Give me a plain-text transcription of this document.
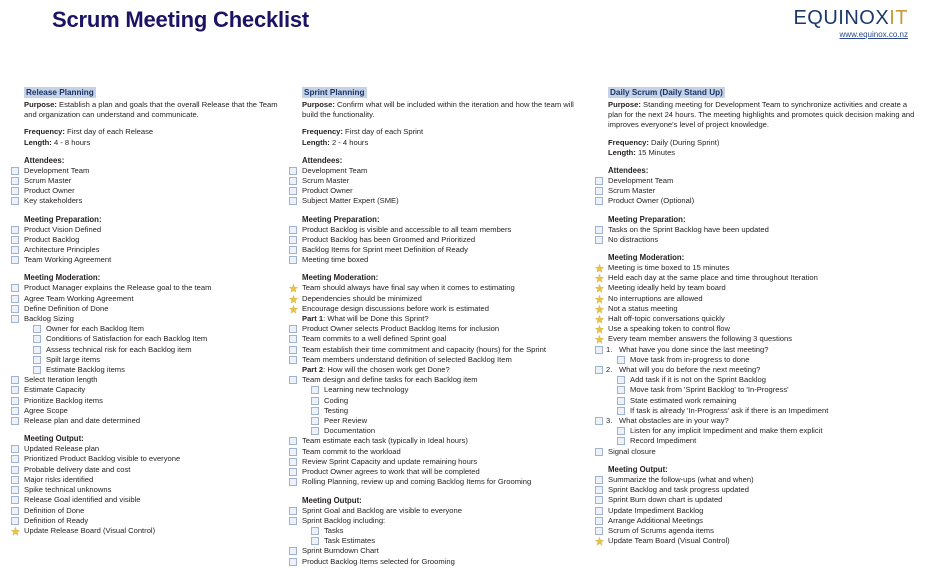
Scrum Meeting Checklist	EQUINOXIT
www.equinox.co.nz
Release Planning
Purpose: Establish a plan and goals that the overall Release that the Team and organization can understand and communicate.
Frequency: First day of each Release
Length: 4 - 8 hours
Attendees:
Development Team
Scrum Master
Product Owner
Key stakeholders
Meeting Preparation:
Product Vision Defined
Product Backlog
Architecture Principles
Team Working Agreement
Meeting Moderation:
Product Manager explains the Release goal to the team
Agree Team Working Agreement
Define Definition of Done
Backlog Sizing
Owner for each Backlog Item
Conditions of Satisfaction for each Backlog Item
Assess technical risk for each Backlog item
Spilt large items
Estimate Backlog items
Select Iteration length
Estimate Capacity
Prioritize Backlog items
Agree Scope
Release plan and date determined
Meeting Output:
Updated Release plan
Prioritized Product Backlog visible to everyone
Probable delivery date and cost
Major risks identified
Spike technical unknowns
Release Goal identified and visible
Definition of Done
Definition of Ready
Update Release Board (Visual Control)
Sprint Planning
Purpose: Confirm what will be included within the iteration and how the team will build the functionality.
Frequency: First day of each Sprint
Length: 2 - 4 hours
Attendees:
Development Team
Scrum Master
Product Owner
Subject Matter Expert (SME)
Meeting Preparation:
Product Backlog is visible and accessible to all team members
Product Backlog has been Groomed and Prioritized
Backlog Items for Sprint meet Definition of Ready
Meeting time boxed
Meeting Moderation:
Team should always have final say when it comes to estimating
Dependencies should be minimized
Encourage design discussions before work is estimated
Part 1: What will be Done this Sprint?
Product Owner selects Product Backlog Items for inclusion
Team commits to a well defined Sprint goal
Team establish their time commitment and capacity (hours) for the Sprint
Team members understand definition of selected Backlog Item
Part 2: How will the chosen work get Done?
Team design and define tasks for each Backlog item
Learning new technology
Coding
Testing
Peer Review
Documentation
Team estimate each task (typically in Ideal hours)
Team commit to the workload
Review Sprint Capacity and update remaining hours
Product Owner agrees to work that will be completed
Rolling Planning, review up and coming Backlog Items for Grooming
Meeting Output:
Sprint Goal and Backlog are visible to everyone
Sprint Backlog including:
Tasks
Task Estimates
Sprint Burndown Chart
Product Backlog Items selected for Grooming
Daily Scrum (Daily Stand Up)
Purpose: Standing meeting for Development Team to synchronize activities and create a plan for the next 24 hours. The meeting highlights and promotes quick decision making and improves everyone's level of project knowledge.
Frequency: Daily (During Sprint)
Length: 15 Minutes
Attendees:
Development Team
Scrum Master
Product Owner (Optional)
Meeting Preparation:
Tasks on the Sprint Backlog have been updated
No distractions
Meeting Moderation:
Meeting is time boxed to 15 minutes
Held each day at the same place and time throughout Iteration
Meeting ideally held by team board
No interruptions are allowed
Not a status meeting
Halt off-topic conversations quickly
Use a speaking token to control flow
Every team member answers the following 3 questions
1. What have you done since the last meeting?
Move task from in-progress to done
2. What will you do before the next meeting?
Add task if it is not on the Sprint Backlog
Move task from 'Sprint Backlog' to 'In-Progress'
State estimated work remaining
If task is already 'In-Progress' ask if there is an Impediment
3. What obstacles are in your way?
Listen for any implicit Impediment and make them explicit
Record Impediment
Signal closure
Meeting Output:
Summarize the follow-ups (what and when)
Sprint Backlog and task progress updated
Sprint Burn down chart is updated
Update Impediment Backlog
Arrange Additional Meetings
Scrum of Scrums agenda items
Update Team Board (Visual Control)
